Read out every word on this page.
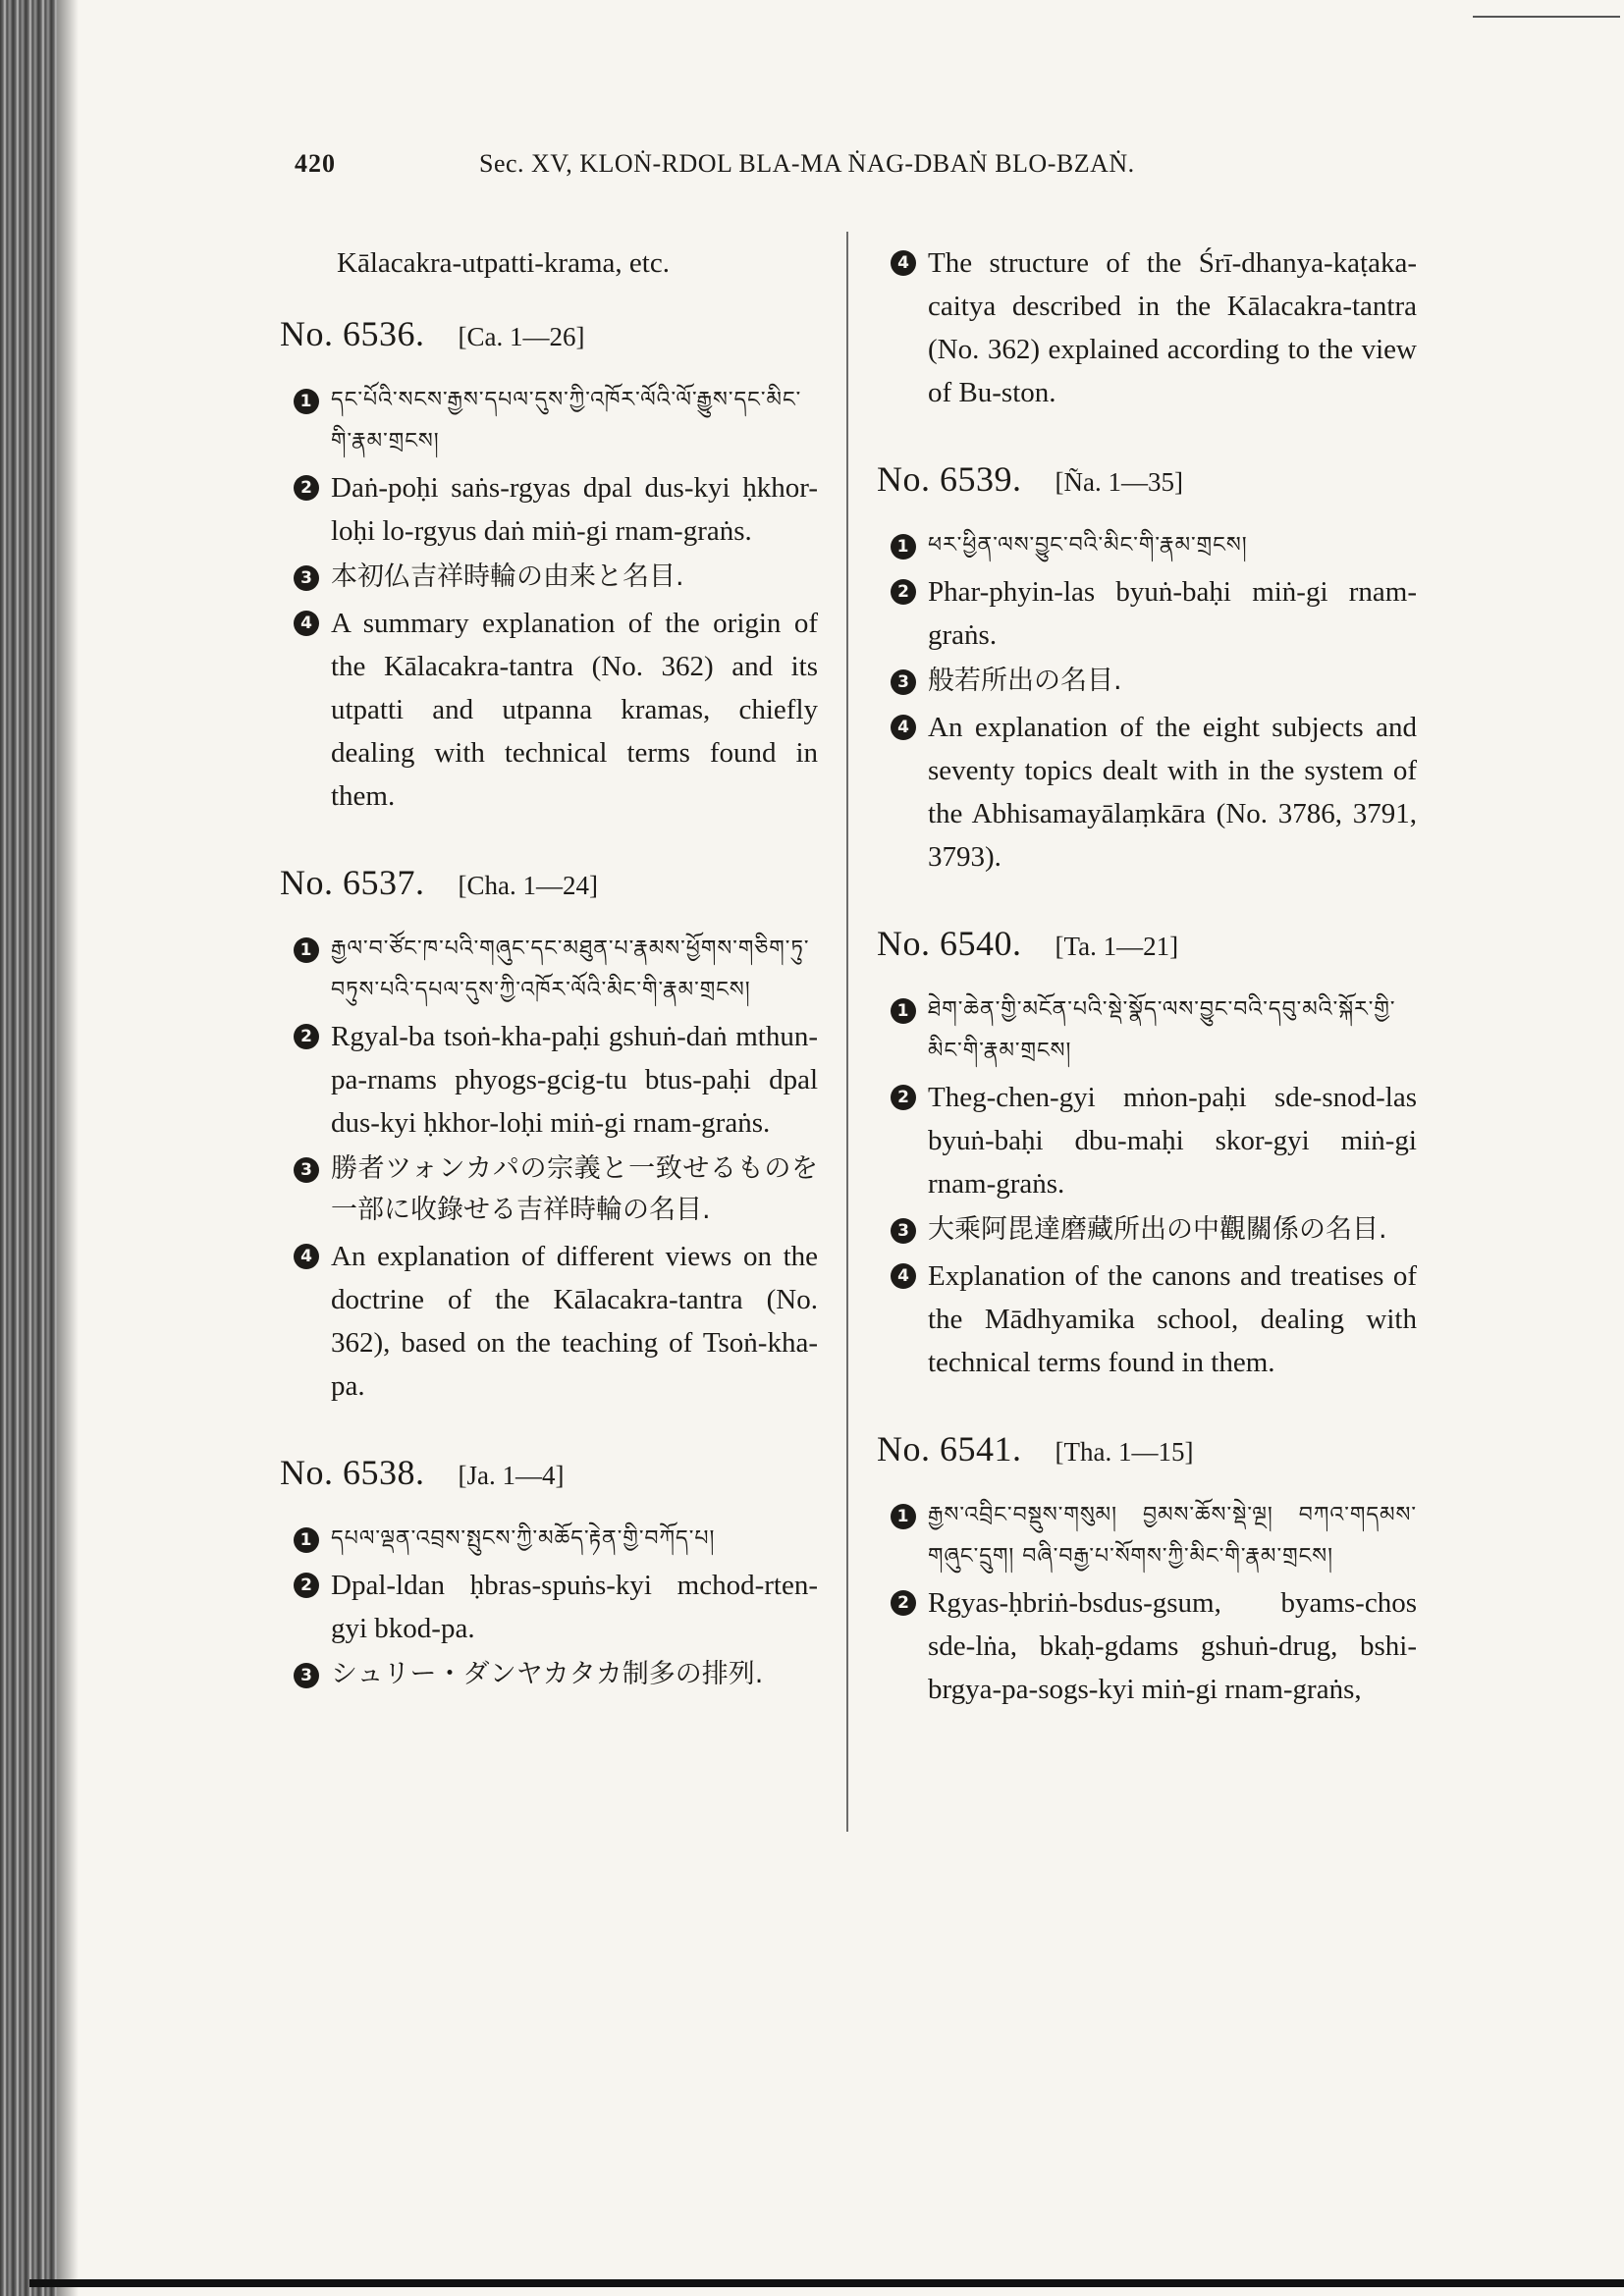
420	Sec. XV, KLOṄ-RDOL BLA-MA ṄAG-DBAṄ BLO-BZAṄ.
Kālacakra-utpatti-krama, etc.
No. 6536. [Ca. 1—26]
1 དང་པོའི་སངས་རྒྱས་དཔལ་དུས་ཀྱི་འཁོར་ལོའི་ལོ་རྒྱུས་དང་མིང་གི་རྣམ་གྲངས།
2 Daṅ-poḥi saṅs-rgyas dpal dus-kyi ḥkhor-loḥi lo-rgyus daṅ miṅ-gi rnam-graṅs.
3 本初仏吉祥時輪の由来と名目.
4 A summary explanation of the origin of the Kālacakra-tantra (No. 362) and its utpatti and utpanna kramas, chiefly dealing with technical terms found in them.
No. 6537. [Cha. 1—24]
1 རྒྱལ་བ་ཙོང་ཁ་པའི་གཞུང་དང་མཐུན་པ་རྣམས་ཕྱོགས་གཅིག་ཏུ་བཏུས་པའི་དཔལ་དུས་ཀྱི་འཁོར་ལོའི་མིང་གི་རྣམ་གྲངས།
2 Rgyal-ba tsoṅ-kha-paḥi gshuṅ-daṅ mthun-pa-rnams phyogs-gcig-tu btus-paḥi dpal dus-kyi ḥkhor-loḥi miṅ-gi rnam-graṅs.
3 勝者ツォンカパの宗義と一致せるものを一部に收錄せる吉祥時輪の名目.
4 An explanation of different views on the doctrine of the Kālacakra-tantra (No. 362), based on the teaching of Tsoṅ-kha-pa.
No. 6538. [Ja. 1—4]
1 དཔལ་ལྡན་འབྲས་སྤུངས་ཀྱི་མཆོད་རྟེན་གྱི་བཀོད་པ།
2 Dpal-ldan ḥbras-spuṅs-kyi mchod-rten-gyi bkod-pa.
3 シュリー・ダンヤカタカ制多の排列.
4 The structure of the Śrī-dhanya-kaṭaka-caitya described in the Kālacakra-tantra (No. 362) explained according to the view of Bu-ston.
No. 6539. [Ña. 1—35]
1 ཕར་ཕྱིན་ལས་བྱུང་བའི་མིང་གི་རྣམ་གྲངས།
2 Phar-phyin-las byuṅ-baḥi miṅ-gi rnam-graṅs.
3 般若所出の名目.
4 An explanation of the eight subjects and seventy topics dealt with in the system of the Abhisamayālaṃkāra (No. 3786, 3791, 3793).
No. 6540. [Ta. 1—21]
1 ཐེག་ཆེན་གྱི་མངོན་པའི་སྡེ་སྣོད་ལས་བྱུང་བའི་དབུ་མའི་སྐོར་གྱི་མིང་གི་རྣམ་གྲངས།
2 Theg-chen-gyi mṅon-paḥi sde-snod-las byuṅ-baḥi dbu-maḥi skor-gyi miṅ-gi rnam-graṅs.
3 大乘阿毘達磨藏所出の中觀關係の名目.
4 Explanation of the canons and treatises of the Mādhyamika school, dealing with technical terms found in them.
No. 6541. [Tha. 1—15]
1 རྒྱས་འབྲིང་བསྡུས་གསུམ། བྱམས་ཆོས་སྡེ་ལྔ། བཀའ་གདམས་གཞུང་དྲུག། བཞི་བརྒྱ་པ་སོགས་ཀྱི་མིང་གི་རྣམ་གྲངས།
2 Rgyas-ḥbriṅ-bsdus-gsum, byams-chos sde-lṅa, bkaḥ-gdams gshuṅ-drug, bshi-brgya-pa-sogs-kyi miṅ-gi rnam-graṅs,
